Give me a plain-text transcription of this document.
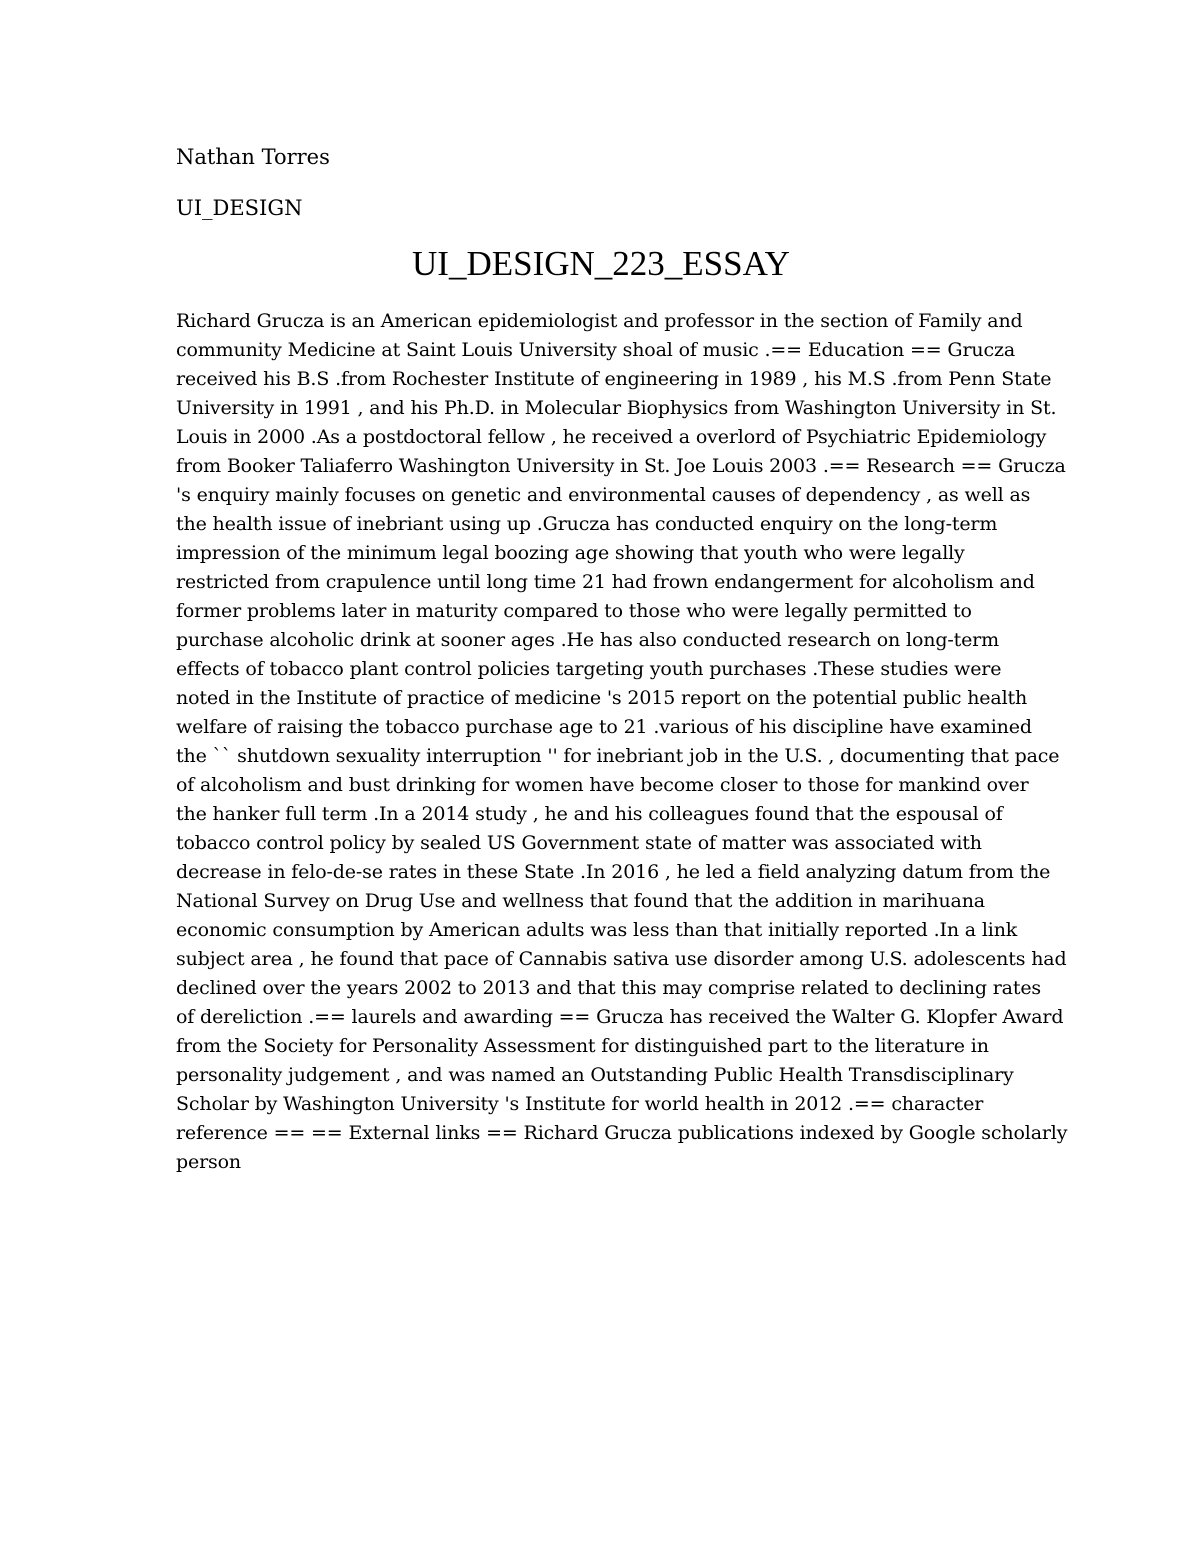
Nathan Torres

UI_DESIGN

UI_DESIGN_223_ESSAY
Richard Grucza is an American epidemiologist and professor in the section of Family and
community Medicine at Saint Louis University shoal of music .== Education == Grucza
received his B.S .from Rochester Institute of engineering in 1989 , his M.S .from Penn State
University in 1991 , and his Ph.D. in Molecular Biophysics from Washington University in St.
Louis in 2000 .As a postdoctoral fellow , he received a overlord of Psychiatric Epidemiology
from Booker Taliaferro Washington University in St. Joe Louis 2003 .== Research == Grucza
's enquiry mainly focuses on genetic and environmental causes of dependency , as well as
the health issue of inebriant using up .Grucza has conducted enquiry on the long-term
impression of the minimum legal boozing age showing that youth who were legally
restricted from crapulence until long time 21 had frown endangerment for alcoholism and
former problems later in maturity compared to those who were legally permitted to
purchase alcoholic drink at sooner ages .He has also conducted research on long-term
effects of tobacco plant control policies targeting youth purchases .These studies were
noted in the Institute of practice of medicine 's 2015 report on the potential public health
welfare of raising the tobacco purchase age to 21 .various of his discipline have examined
the `` shutdown sexuality interruption '' for inebriant job in the U.S. , documenting that pace
of alcoholism and bust drinking for women have become closer to those for mankind over
the hanker full term .In a 2014 study , he and his colleagues found that the espousal of
tobacco control policy by sealed US Government state of matter was associated with
decrease in felo-de-se rates in these State .In 2016 , he led a field analyzing datum from the
National Survey on Drug Use and wellness that found that the addition in marihuana
economic consumption by American adults was less than that initially reported .In a link
subject area , he found that pace of Cannabis sativa use disorder among U.S. adolescents had
declined over the years 2002 to 2013 and that this may comprise related to declining rates
of dereliction .== laurels and awarding == Grucza has received the Walter G. Klopfer Award
from the Society for Personality Assessment for distinguished part to the literature in
personality judgement , and was named an Outstanding Public Health Transdisciplinary
Scholar by Washington University 's Institute for world health in 2012 .== character
reference == == External links == Richard Grucza publications indexed by Google scholarly
person
